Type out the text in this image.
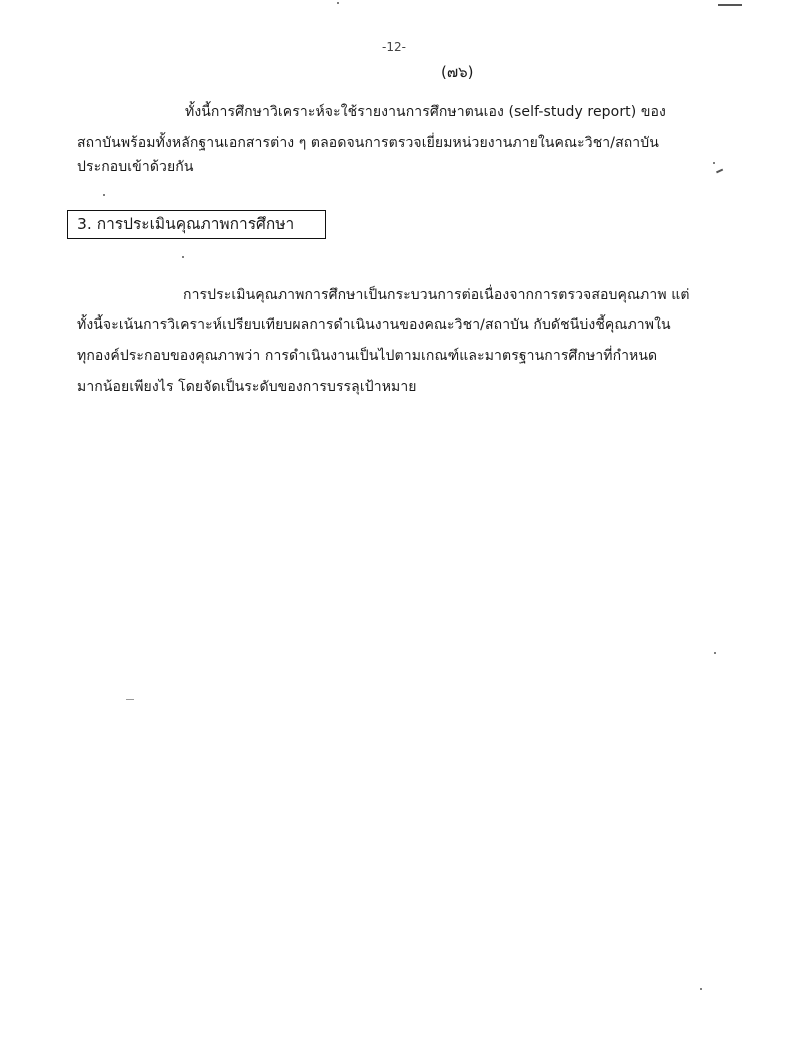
-12-
(๗๖)
ทั้งนี้การศึกษาวิเคราะห์จะใช้รายงานการศึกษาตนเอง (self-study report) ของ
สถาบันพร้อมทั้งหลักฐานเอกสารต่าง ๆ ตลอดจนการตรวจเยี่ยมหน่วยงานภายในคณะวิชา/สถาบัน
ประกอบเข้าด้วยกัน
3. การประเมินคุณภาพการศึกษา
การประเมินคุณภาพการศึกษาเป็นกระบวนการต่อเนื่องจากการตรวจสอบคุณภาพ แต่
ทั้งนี้จะเน้นการวิเคราะห์เปรียบเทียบผลการดำเนินงานของคณะวิชา/สถาบัน กับดัชนีบ่งชี้คุณภาพใน
ทุกองค์ประกอบของคุณภาพว่า การดำเนินงานเป็นไปตามเกณฑ์และมาตรฐานการศึกษาที่กำหนด
มากน้อยเพียงไร โดยจัดเป็นระดับของการบรรลุเป้าหมาย
